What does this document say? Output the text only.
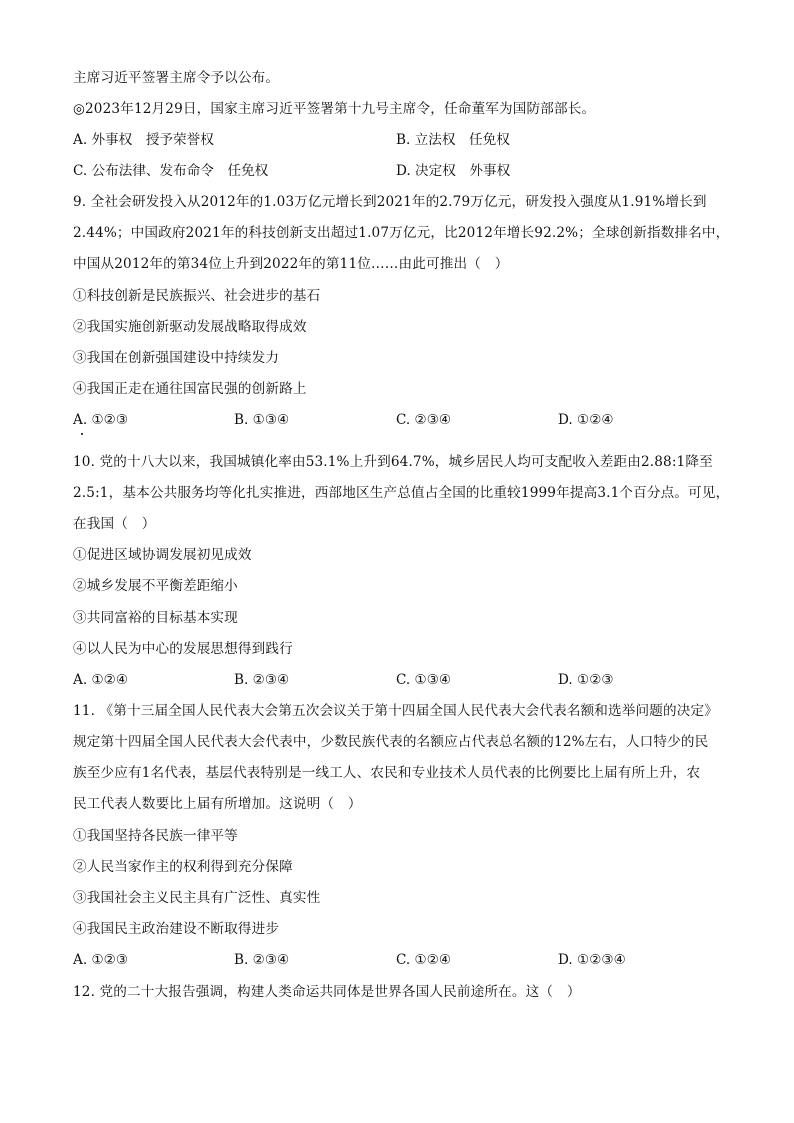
主席习近平签署主席令予以公布。
◎2023年12月29日，国家主席习近平签署第十九号主席令，任命董军为国防部部长。
A. 外事权　授予荣誉权	B. 立法权　任免权
C. 公布法律、发布命令　任免权	D. 决定权　外事权
9. 全社会研发投入从2012年的1.03万亿元增长到2021年的2.79万亿元，研发投入强度从1.91%增长到
2.44%；中国政府2021年的科技创新支出超过1.07万亿元，比2012年增长92.2%；全球创新指数排名中，
中国从2012年的第34位上升到2022年的第11位……由此可推出（　）
①科技创新是民族振兴、社会进步的基石
②我国实施创新驱动发展战略取得成效
③我国在创新强国建设中持续发力
④我国正走在通往国富民强的创新路上
A. ①②③	B. ①③④	C. ②③④	D. ①②④
10. 党的十八大以来，我国城镇化率由53.1%上升到64.7%，城乡居民人均可支配收入差距由2.88:1降至
2.5:1，基本公共服务均等化扎实推进，西部地区生产总值占全国的比重较1999年提高3.1个百分点。可见，
在我国（　）
①促进区域协调发展初见成效
②城乡发展不平衡差距缩小
③共同富裕的目标基本实现
④以人民为中心的发展思想得到践行
A. ①②④	B. ②③④	C. ①③④	D. ①②③
11. 《第十三届全国人民代表大会第五次会议关于第十四届全国人民代表大会代表名额和选举问题的决定》
规定第十四届全国人民代表大会代表中，少数民族代表的名额应占代表总名额的12%左右，人口特少的民
族至少应有1名代表，基层代表特别是一线工人、农民和专业技术人员代表的比例要比上届有所上升，农
民工代表人数要比上届有所增加。这说明（　）
①我国坚持各民族一律平等
②人民当家作主的权利得到充分保障
③我国社会主义民主具有广泛性、真实性
④我国民主政治建设不断取得进步
A. ①②③	B. ②③④	C. ①②④	D. ①②③④
12. 党的二十大报告强调，构建人类命运共同体是世界各国人民前途所在。这（　）
